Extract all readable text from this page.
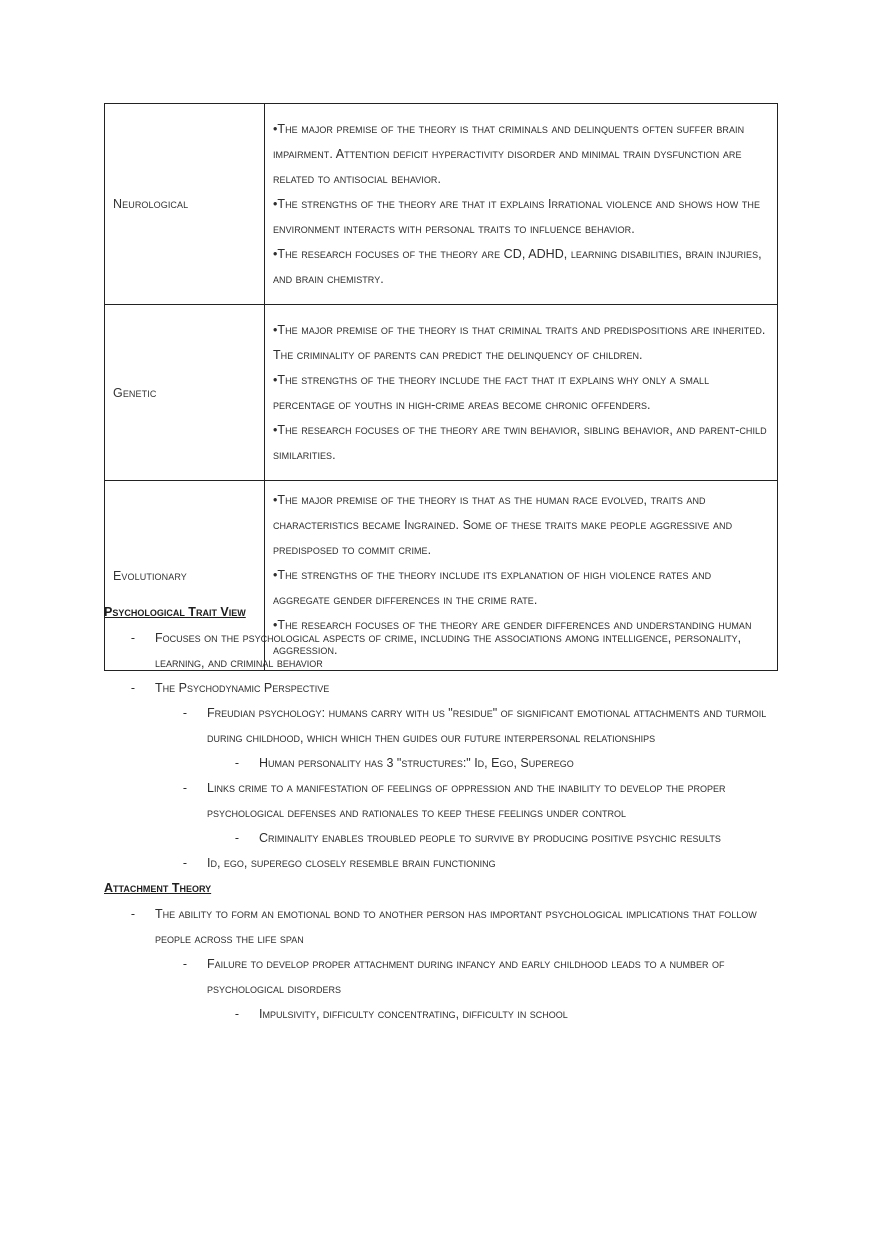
Neurological	•The major premise of the theory is that criminals and delinquents often suffer brain impairment. Attention deficit hyperactivity disorder and minimal train dysfunction are related to antisocial behavior.

•The strengths of the theory are that it explains Irrational violence and shows how the environment interacts with personal traits to influence behavior.

•The research focuses of the theory are CD, ADHD, learning disabilities, brain injuries, and brain chemistry.

Genetic	•The major premise of the theory is that criminal traits and predispositions are inherited. The criminality of parents can predict the delinquency of children.

•The strengths of the theory include the fact that it explains why only a small percentage of youths in high-crime areas become chronic offenders.

•The research focuses of the theory are twin behavior, sibling behavior, and parent-child similarities.

Evolutionary	•The major premise of the theory is that as the human race evolved, traits and characteristics became Ingrained. Some of these traits make people aggressive and predisposed to commit crime.

•The strengths of the theory include its explanation of high violence rates and aggregate gender differences in the crime rate.

•The research focuses of the theory are gender differences and understanding human aggression.

Psychological Trait View

- Focuses on the psychological aspects of crime, including the associations among intelligence, personality, learning, and criminal behavior

- The Psychodynamic Perspective

- Freudian psychology: humans carry with us "residue" of significant emotional attachments and turmoil during childhood, which which then guides our future interpersonal relationships

- Human personality has 3 "structures:" Id, Ego, Superego

- Links crime to a manifestation of feelings of oppression and the inability to develop the proper psychological defenses and rationales to keep these feelings under control

- Criminality enables troubled people to survive by producing positive psychic results

- Id, ego, superego closely resemble brain functioning

Attachment Theory

- The ability to form an emotional bond to another person has important psychological implications that follow people across the life span

- Failure to develop proper attachment during infancy and early childhood leads to a number of psychological disorders

- Impulsivity, difficulty concentrating, difficulty in school
